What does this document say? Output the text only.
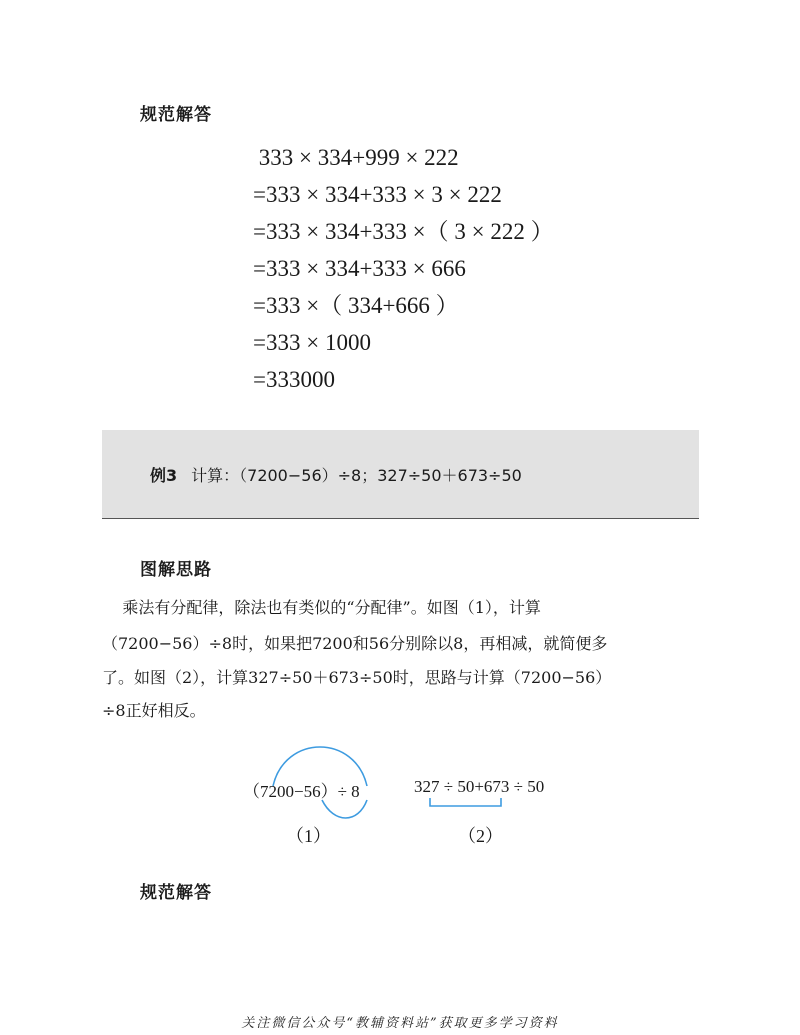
规范解答
333 × 334+999 × 222
=333 × 334+333 × 3 × 222
=333 × 334+333 ×（ 3 × 222 ）
=333 × 334+333 × 666
=333 ×（ 334+666 ）
=333 × 1000
=333000
例3 计算：（7200−56）÷8；327÷50＋673÷50
图解思路
乘法有分配律，除法也有类似的“分配律”。如图（1），计算
（7200−56）÷8时，如果把7200和56分别除以8，再相减，就简便多
了。如图（2），计算327÷50＋673÷50时，思路与计算（7200−56）
÷8正好相反。
（7200−56）÷ 8	327 ÷ 50+673 ÷ 50
（1）	（2）
规范解答
关注微信公众号“教辅资料站”获取更多学习资料
